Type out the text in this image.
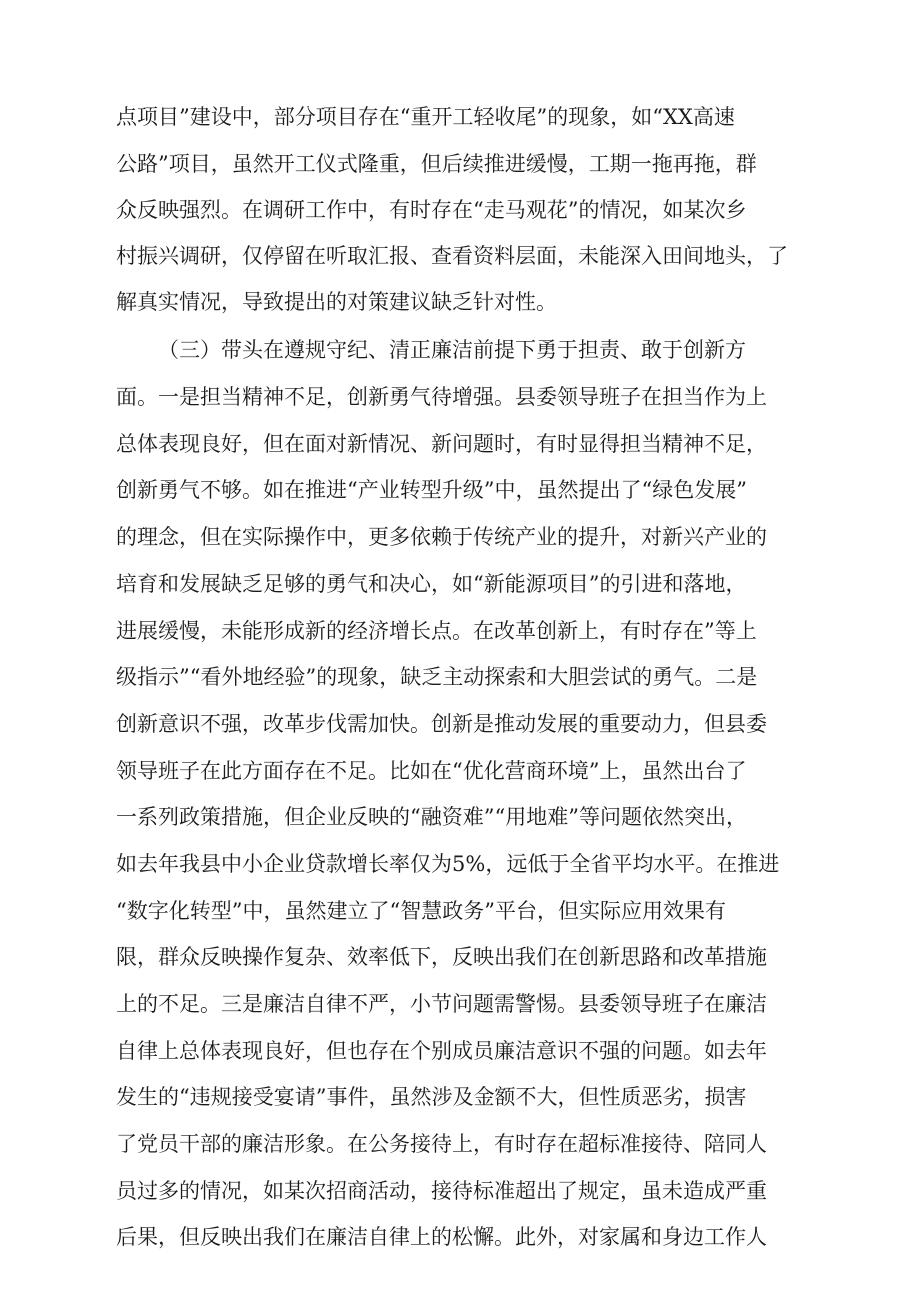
点项目”建设中，部分项目存在“重开工轻收尾”的现象，如“XX高速
公路”项目，虽然开工仪式隆重，但后续推进缓慢，工期一拖再拖，群
众反映强烈。在调研工作中，有时存在“走马观花”的情况，如某次乡
村振兴调研，仅停留在听取汇报、查看资料层面，未能深入田间地头，了
解真实情况，导致提出的对策建议缺乏针对性。
（三）带头在遵规守纪、清正廉洁前提下勇于担责、敢于创新方
面。一是担当精神不足，创新勇气待增强。县委领导班子在担当作为上
总体表现良好，但在面对新情况、新问题时，有时显得担当精神不足，
创新勇气不够。如在推进“产业转型升级”中，虽然提出了“绿色发展”
的理念，但在实际操作中，更多依赖于传统产业的提升，对新兴产业的
培育和发展缺乏足够的勇气和决心，如“新能源项目”的引进和落地，
进展缓慢，未能形成新的经济增长点。在改革创新上，有时存在”等上
级指示”“看外地经验”的现象，缺乏主动探索和大胆尝试的勇气。二是
创新意识不强，改革步伐需加快。创新是推动发展的重要动力，但县委
领导班子在此方面存在不足。比如在“优化营商环境”上，虽然出台了
一系列政策措施，但企业反映的“融资难”“用地难”等问题依然突出，
如去年我县中小企业贷款增长率仅为5%，远低于全省平均水平。在推进
“数字化转型”中，虽然建立了“智慧政务”平台，但实际应用效果有
限，群众反映操作复杂、效率低下，反映出我们在创新思路和改革措施
上的不足。三是廉洁自律不严，小节问题需警惕。县委领导班子在廉洁
自律上总体表现良好，但也存在个别成员廉洁意识不强的问题。如去年
发生的“违规接受宴请”事件，虽然涉及金额不大，但性质恶劣，损害
了党员干部的廉洁形象。在公务接待上，有时存在超标准接待、陪同人
员过多的情况，如某次招商活动，接待标准超出了规定，虽未造成严重
后果，但反映出我们在廉洁自律上的松懈。此外，对家属和身边工作人
